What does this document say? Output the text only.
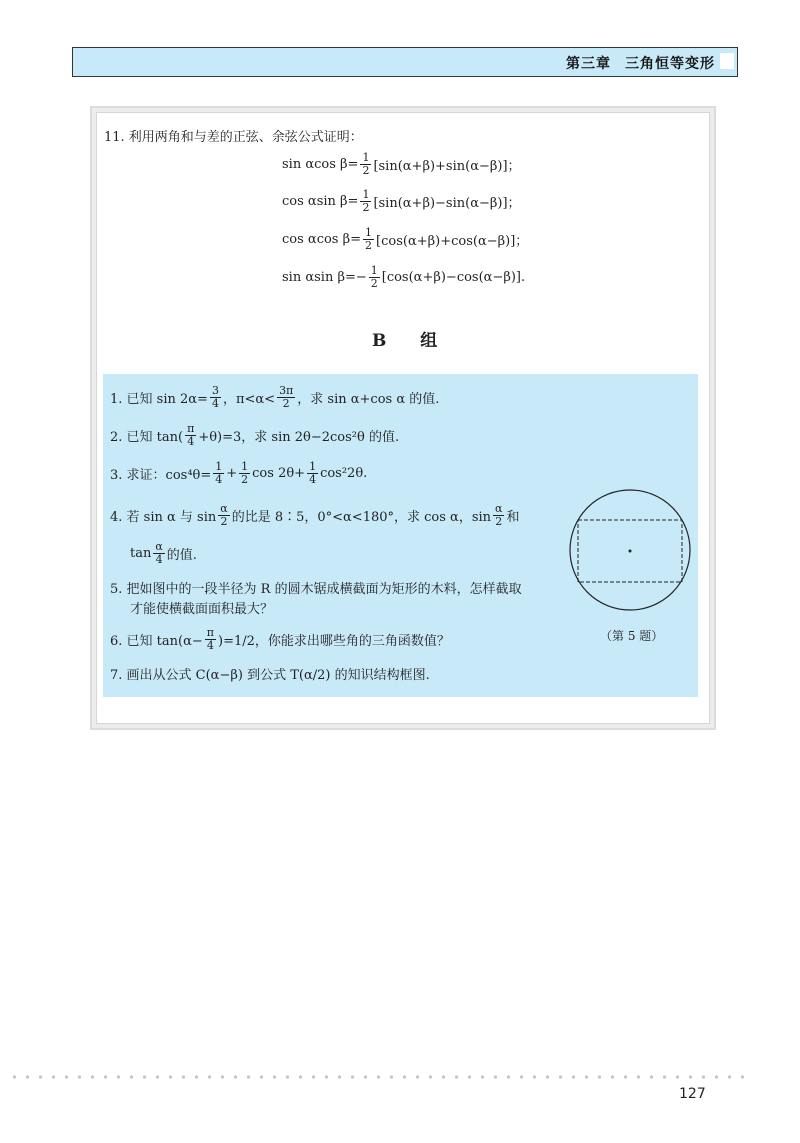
第三章 三角恒等变形
11. 利用两角和与差的正弦、余弦公式证明：
sin αcos $\beta= \frac{1}{2} [\sin(\alpha+\beta)+\sin(\alpha-\beta)]$；
cos αsin $\beta= \frac{1}{2} [\sin(\alpha+\beta)-\sin(\alpha-\beta)]$；
cos αcos $\beta= \frac{1}{2} [\cos(\alpha+\beta)+\cos(\alpha-\beta)]$；
sin αsin $\beta=- \frac{1}{2} [\cos(\alpha+\beta)-\cos(\alpha-\beta)]$.
B 组
1. 已知 $\sin 2\alpha= \frac{3}{4}$ ，$\pi<\alpha< \frac{3\pi}{2}$ ，求 sin α+cos α 的值.
2. 已知 $\tan( \frac{\pi}{4} +\theta)=3$，求 sin 2θ−2cos²θ 的值.
3. 求证：$\cos^4\theta= \frac{1}{4} + \frac{1}{2}$ $\cos 2\theta+ \frac{1}{4} \cos^22\theta$.
4. 若 sin α 与 $\sin \frac{\alpha}{2}$ 的比是 8∶5，0°<α<180°，求 cos α，$\sin \frac{\alpha}{2}$ 和
$\tan \frac{\alpha}{4}$ 的值.
5. 把如图中的一段半径为 R 的圆木锯成横截面为矩形的木料，怎样截取
才能使横截面面积最大？
6. 已知 $\tan(\alpha- \frac{\pi}{4} )=1/2$，你能求出哪些角的三角函数值？
7. 画出从公式 C(α−β) 到公式 T(α/2) 的知识结构框图.
（第 5 题）
127
